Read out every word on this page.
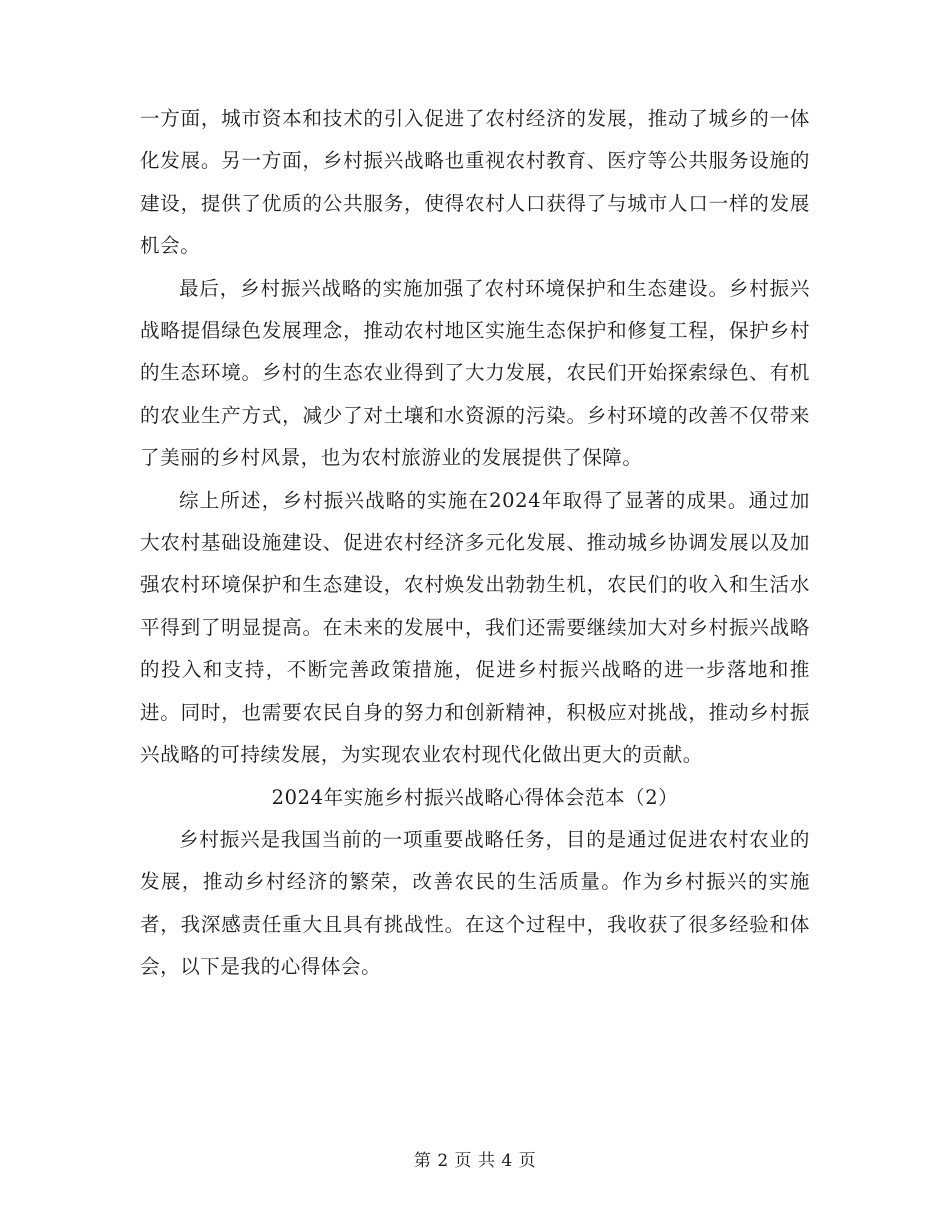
一方面，城市资本和技术的引入促进了农村经济的发展，推动了城乡的一体化发展。另一方面，乡村振兴战略也重视农村教育、医疗等公共服务设施的建设，提供了优质的公共服务，使得农村人口获得了与城市人口一样的发展机会。

最后，乡村振兴战略的实施加强了农村环境保护和生态建设。乡村振兴战略提倡绿色发展理念，推动农村地区实施生态保护和修复工程，保护乡村的生态环境。乡村的生态农业得到了大力发展，农民们开始探索绿色、有机的农业生产方式，减少了对土壤和水资源的污染。乡村环境的改善不仅带来了美丽的乡村风景，也为农村旅游业的发展提供了保障。

综上所述，乡村振兴战略的实施在2024年取得了显著的成果。通过加大农村基础设施建设、促进农村经济多元化发展、推动城乡协调发展以及加强农村环境保护和生态建设，农村焕发出勃勃生机，农民们的收入和生活水平得到了明显提高。在未来的发展中，我们还需要继续加大对乡村振兴战略的投入和支持，不断完善政策措施，促进乡村振兴战略的进一步落地和推进。同时，也需要农民自身的努力和创新精神，积极应对挑战，推动乡村振兴战略的可持续发展，为实现农业农村现代化做出更大的贡献。

2024年实施乡村振兴战略心得体会范本（2）

乡村振兴是我国当前的一项重要战略任务，目的是通过促进农村农业的发展，推动乡村经济的繁荣，改善农民的生活质量。作为乡村振兴的实施者，我深感责任重大且具有挑战性。在这个过程中，我收获了很多经验和体会，以下是我的心得体会。

第 2 页 共 4 页
